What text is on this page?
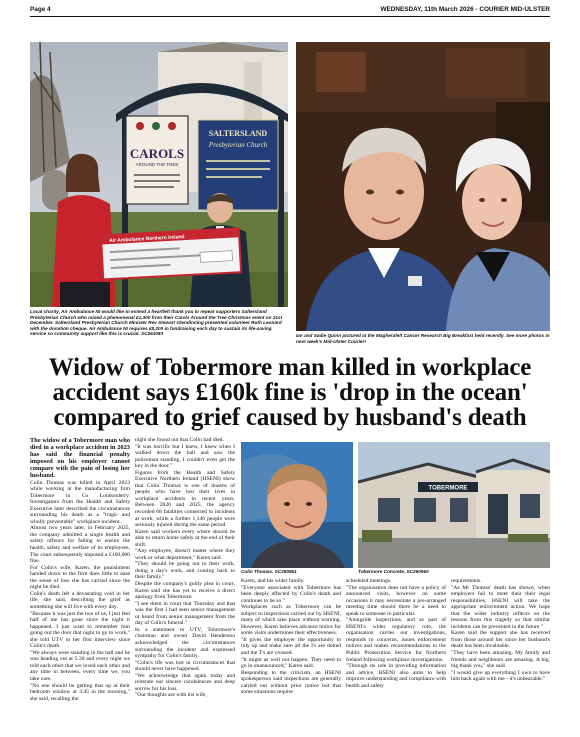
Page 4	WEDNESDAY, 11th March 2026 - COURIER MID-ULSTER
CAROLS
AROUND THE TREE
SALTERSLAND
Presbyterian Church
Air Ambulance Northern Ireland
Local charity, Air Ambulance NI would like to extend a heartfelt thank you to repeat supporters Saltersland Presbyterian Church who raised a phenomenal £1,300 from their Carols Around the Tree Christmas event on 21st December. Saltersland Presbyterian Church Minister Rev Stewart Glendinning presented volunteer Ruth Leonard with the donation cheque. Air Ambulance NI requires £8,200 in fundraising each day to sustain its life-saving service so community support like this is crucial. SC261083	Ian and Sadie Quinn pictured at the Magherafelt Cancer Research Big Breakfast held recently. See more photos in next week's Mid-Ulster Courier!
Widow of Tobermore man killed in workplace accident says £160k fine is 'drop in the ocean' compared to grief caused by husband's death

The widow of a Tobermore man who died in a workplace accident in 2023 has said the financial penalty imposed on his employer cannot compare with the pain of losing her husband.

Colin Thomas was killed in April 2023 while working at the manufacturing firm Tobermore in Co Londonderry. Investigators from the Health and Safety Executive later described the circumstances surrounding his death as a "tragic and wholly preventable" workplace incident.

Almost two years later, in February 2025, the company admitted a single health and safety offence for failing to ensure the health, safety and welfare of its employees. The court subsequently imposed a £160,000 fine.

For Colin's wife, Karen, the punishment handed down to the firm does little to ease the sense of loss she has carried since the night he died.

Colin's death left a devastating void in her life, she said, describing the grief as something she will live with every day.

"Because it was just the two of us, I just feel half of me has gone since the night it happened. I just want to remember him going out the door that night to go to work," she told UTV in her first interview since Colin's death.

"We always were standing in the hall and he was heading out at 5:30 and every night we told each other that we loved each other and any time in between, every time we, you take care.

"No one should be getting that up at their bedroom window at 3:45 in the morning," she said, recalling the

night she found out that Colin had died.

"It was horrific but I knew, I knew when I walked down the hall and saw the policeman standing, I couldn't even get the key in the door."

Figures from the Health and Safety Executive Northern Ireland (HSENI) show that Colin Thomas is one of dozens of people who have lost their lives in workplace accidents in recent years. Between 2020 and 2025, the agency recorded 68 fatalities connected to incidents at work, while a further 1,146 people were seriously injured during the same period.

Karen said workers every where should be able to return home safely at the end of their shift.

"Any employee, doesn't matter where they work or what department," Karen said.

"They should be going out to their work, doing a day's work, and coming back to their family."

Despite the company's guilty plea in court, Karen said she has yet to receive a direct apology from Tobermore.

"I see them in court that Thursday and that was the first I had seen senior management or heard from senior management from the day of Colin's funeral."

In a statement to UTV, Tobermore's chairman and owner David Henderson acknowledged the circumstances surrounding the incident and expressed sympathy for Colin's family.

"Colin's life was lost in circumstances that should never have happened.

"We acknowledge that again today and reiterate our sincere condolences and deep sorrow for his loss.

"Our thoughts are with his wife,

Colin Thomas. SC260961
TOBERMORE
Tobermore Concrete. SC260960

Karen, and his wider family.

"Everyone associated with Tobermore has been deeply affected by Colin's death and continues to be so."

Workplaces such as Tobermore can be subject to inspections carried out by HSENI, many of which take place without warning. However, Karen believes advance notice for some visits undermines their effectiveness.

"It gives the employer the opportunity to tidy up and make sure all the I's are dotted and the T's are crossed.

"It might as well not happen. They need to go in unannounced," Karen said.

Responding to the criticism, an HSENI spokesperson said inspections are generally carried out without prior notice but that some situations require

scheduled meetings.

"The organisation does not have a policy of announced visits, however on some occasions it may necessitate a pre-arranged meeting time should there be a need to speak to someone in particular.

"Alongside inspections, and as part of HSENI's wider regulatory role, the organisation carries out investigations, responds to concerns, issues enforcement notices and makes recommendations to the Public Prosecution Service for Northern Ireland following workplace investigations.

"Through its role in providing information and advice, HSENI also aims to help improve understanding and compliance with health and safety

requirements.

"As Mr Thomas' death has shown, when employers fail to meet their their legal responsibilities, HSENI will take the appropriate enforcement action. We hope that the wider industry reflects on the lessons from this tragedy so that similar incidents can be prevented in the future."

Karen said the support she has received from those around her since her husband's death has been invaluable.

"They have been amazing. My family and friends and neighbours are amazing. A big, big thank you," she said.

"I would give up everything I own to have him back again with me - it's unbearable."
